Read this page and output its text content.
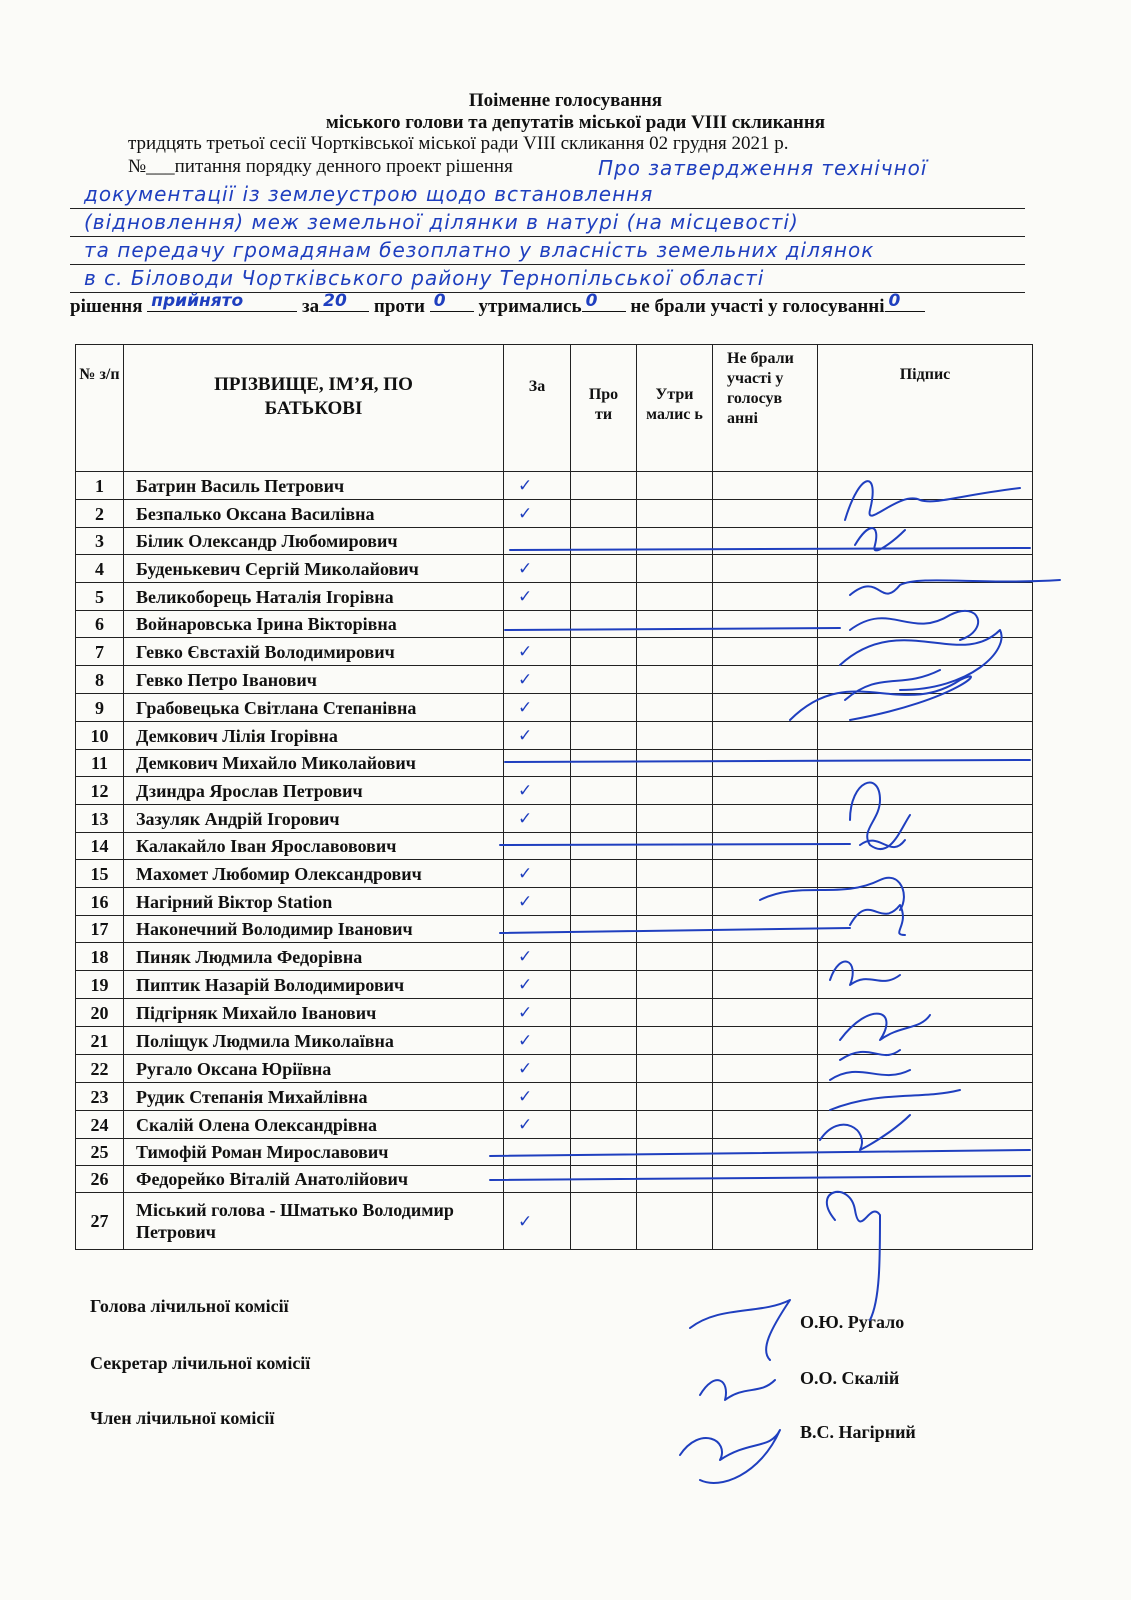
Поіменне голосування
міського голови та депутатів міської ради VIII скликання
тридцять третьої сесії Чортківської міської ради VIII скликання 02 грудня 2021 р.
№___питання порядку денного проект рішення	Про затвердження технічної
документації із землеустрою щодо встановлення
(відновлення) меж земельної ділянки в натурі (на місцевості)
та передачу громадянам безоплатно у власність земельних ділянок
в с. Біловоди Чортківського району Тернопільської області
рішення прийнято	за 20 проти 0 утримались 0 не брали участі у голосуванні 0
№ з/п	ПРІЗВИЩЕ, ІМ’Я, ПО БАТЬКОВІ	За	Про ти	Утри малис ь	Не брали участі у голосув анні	Підпис
1	Батрин Василь Петрович	✓				
2	Безпалько Оксана Василівна	✓				
3	Білик Олександр Любомирович					
4	Буденькевич Сергій Миколайович	✓				
5	Великоборець Наталія Ігорівна	✓				
6	Войнаровська Ірина Вікторівна					
7	Гевко Євстахій Володимирович	✓				
8	Гевко Петро Іванович	✓				
9	Грабовецька Світлана Степанівна	✓				
10	Демкович Лілія Ігорівна	✓				
11	Демкович Михайло Миколайович					
12	Дзиндра Ярослав Петрович	✓				
13	Зазуляк Андрій Ігорович	✓				
14	Калакайло Іван Ярославовович					
15	Махомет Любомир Олександрович	✓				
16	Нагірний Віктор Station	✓				
17	Наконечний Володимир Іванович					
18	Пиняк Людмила Федорівна	✓				
19	Пиптик Назарій Володимирович	✓				
20	Підгірняк Михайло Іванович	✓				
21	Поліщук Людмила Миколаївна	✓				
22	Ругало Оксана Юріївна	✓				
23	Рудик Степанія Михайлівна	✓				
24	Скалій Олена Олександрівна	✓				
25	Тимофій Роман Мирославович					
26	Федорейко Віталій Анатолійович					
27	Міський голова - Шматько Володимир Петрович	✓				
Голова лічильної комісії
О.Ю. Ругало
Секретар лічильної комісії
О.О. Скалій
Член лічильної комісії
В.С. Нагірний
